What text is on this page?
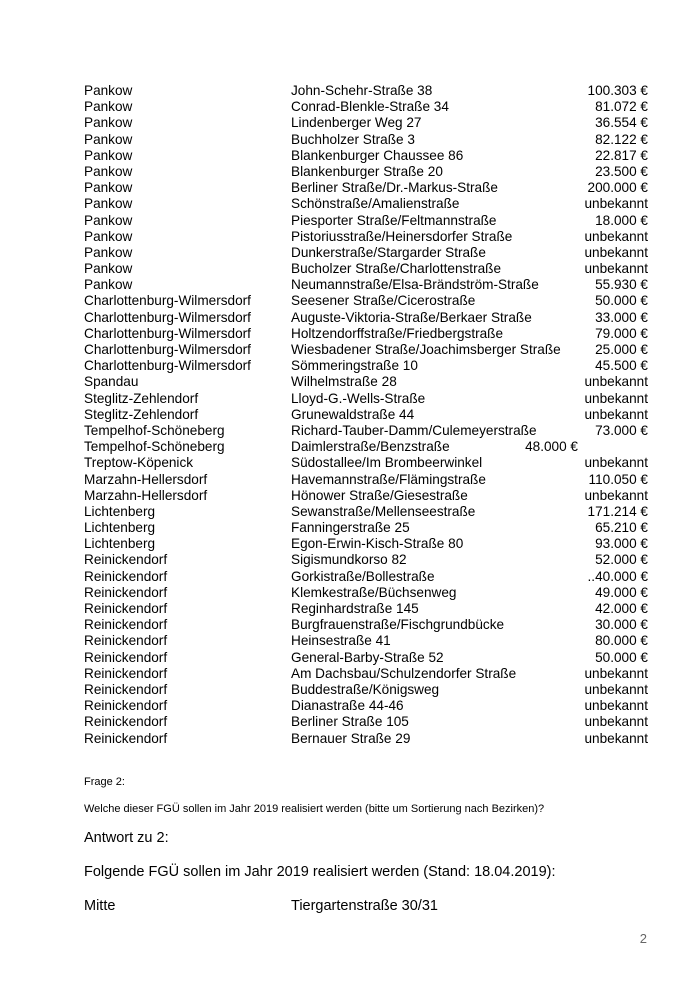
Pankow	John-Schehr-Straße 38	100.303 €
Pankow	Conrad-Blenkle-Straße 34	81.072 €
Pankow	Lindenberger Weg 27	36.554 €
Pankow	Buchholzer Straße 3	82.122 €
Pankow	Blankenburger Chaussee 86	22.817 €
Pankow	Blankenburger Straße 20	23.500 €
Pankow	Berliner Straße/Dr.-Markus-Straße	200.000 €
Pankow	Schönstraße/Amalienstraße	unbekannt
Pankow	Piesporter Straße/Feltmannstraße	18.000 €
Pankow	Pistoriusstraße/Heinersdorfer Straße	unbekannt
Pankow	Dunkerstraße/Stargarder Straße	unbekannt
Pankow	Bucholzer Straße/Charlottenstraße	unbekannt
Pankow	Neumannstraße/Elsa-Brändström-Straße	55.930 €
Charlottenburg-Wilmersdorf	Seesener Straße/Cicerostraße	50.000 €
Charlottenburg-Wilmersdorf	Auguste-Viktoria-Straße/Berkaer Straße	33.000 €
Charlottenburg-Wilmersdorf	Holtzendorffstraße/Friedbergstraße	79.000 €
Charlottenburg-Wilmersdorf	Wiesbadener Straße/Joachimsberger Straße	25.000 €
Charlottenburg-Wilmersdorf	Sömmeringstraße 10	45.500 €
Spandau	Wilhelmstraße 28	unbekannt
Steglitz-Zehlendorf	Lloyd-G.-Wells-Straße	unbekannt
Steglitz-Zehlendorf	Grunewaldstraße 44	unbekannt
Tempelhof-Schöneberg	Richard-Tauber-Damm/Culemeyerstraße	73.000 €
Tempelhof-Schöneberg	Daimlerstraße/Benzstraße	48.000 €
Treptow-Köpenick	Südostallee/Im Brombeerwinkel	unbekannt
Marzahn-Hellersdorf	Havemannstraße/Flämingstraße	110.050 €
Marzahn-Hellersdorf	Hönower Straße/Giesestraße	unbekannt
Lichtenberg	Sewanstraße/Mellenseestraße	171.214 €
Lichtenberg	Fanningerstraße 25	65.210 €
Lichtenberg	Egon-Erwin-Kisch-Straße 80	93.000 €
Reinickendorf	Sigismundkorso 82	52.000 €
Reinickendorf	Gorkistraße/Bollestraße	..40.000 €
Reinickendorf	Klemkestraße/Büchsenweg	49.000 €
Reinickendorf	Reginhardstraße 145	42.000 €
Reinickendorf	Burgfrauenstraße/Fischgrundbücke	30.000 €
Reinickendorf	Heinsestraße 41	80.000 €
Reinickendorf	General-Barby-Straße 52	50.000 €
Reinickendorf	Am Dachsbau/Schulzendorfer Straße	unbekannt
Reinickendorf	Buddestraße/Königsweg	unbekannt
Reinickendorf	Dianastraße 44-46	unbekannt
Reinickendorf	Berliner Straße 105	unbekannt
Reinickendorf	Bernauer Straße 29	unbekannt
Frage 2:
Welche dieser FGÜ sollen im Jahr 2019 realisiert werden (bitte um Sortierung nach Bezirken)?
Antwort zu 2:
Folgende FGÜ sollen im Jahr 2019 realisiert werden (Stand: 18.04.2019):
Mitte	Tiergartenstraße 30/31
2
